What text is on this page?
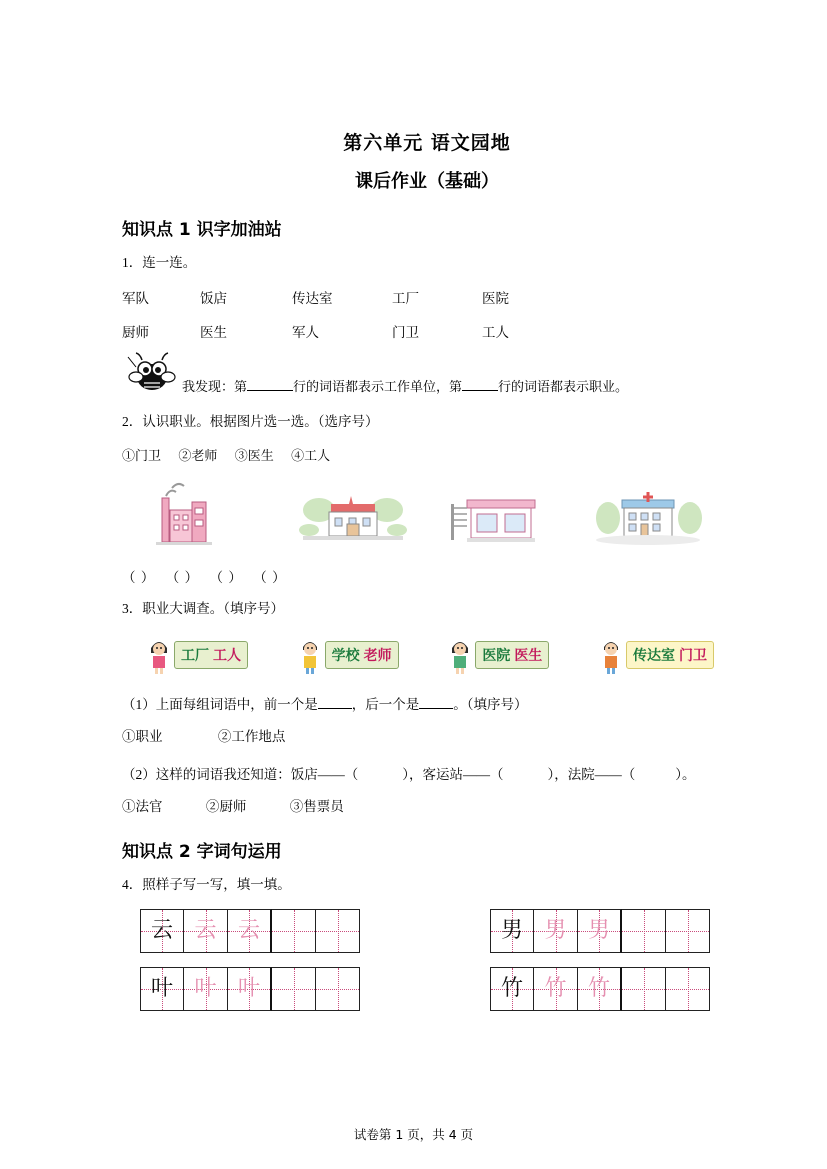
第六单元 语文园地
课后作业（基础）
知识点 1 识字加油站
1．连一连。
军队	饭店	传达室	工厂	医院
厨师	医生	军人	门卫	工人
我发现：第	行的词语都表示工作单位，第	行的词语都表示职业。
2．认识职业。根据图片选一选。（选序号）
①门卫 ②老师 ③医生 ④工人
（ ） （ ） （ ） （ ）
3．职业大调查。（填序号）
工厂 工人	学校 老师	医院 医生	传达室 门卫
（1）上面每组词语中，前一个是	，后一个是	。（填序号）
①职业	②工作地点
（2）这样的词语我还知道：饭店——（	），客运站——（	），法院——（	）。
①法官	②厨师	③售票员
知识点 2 字词句运用
4．照样子写一写，填一填。
云 云 云	男 男 男
叶 叶 叶	竹 竹 竹
试卷第 1 页，共 4 页
